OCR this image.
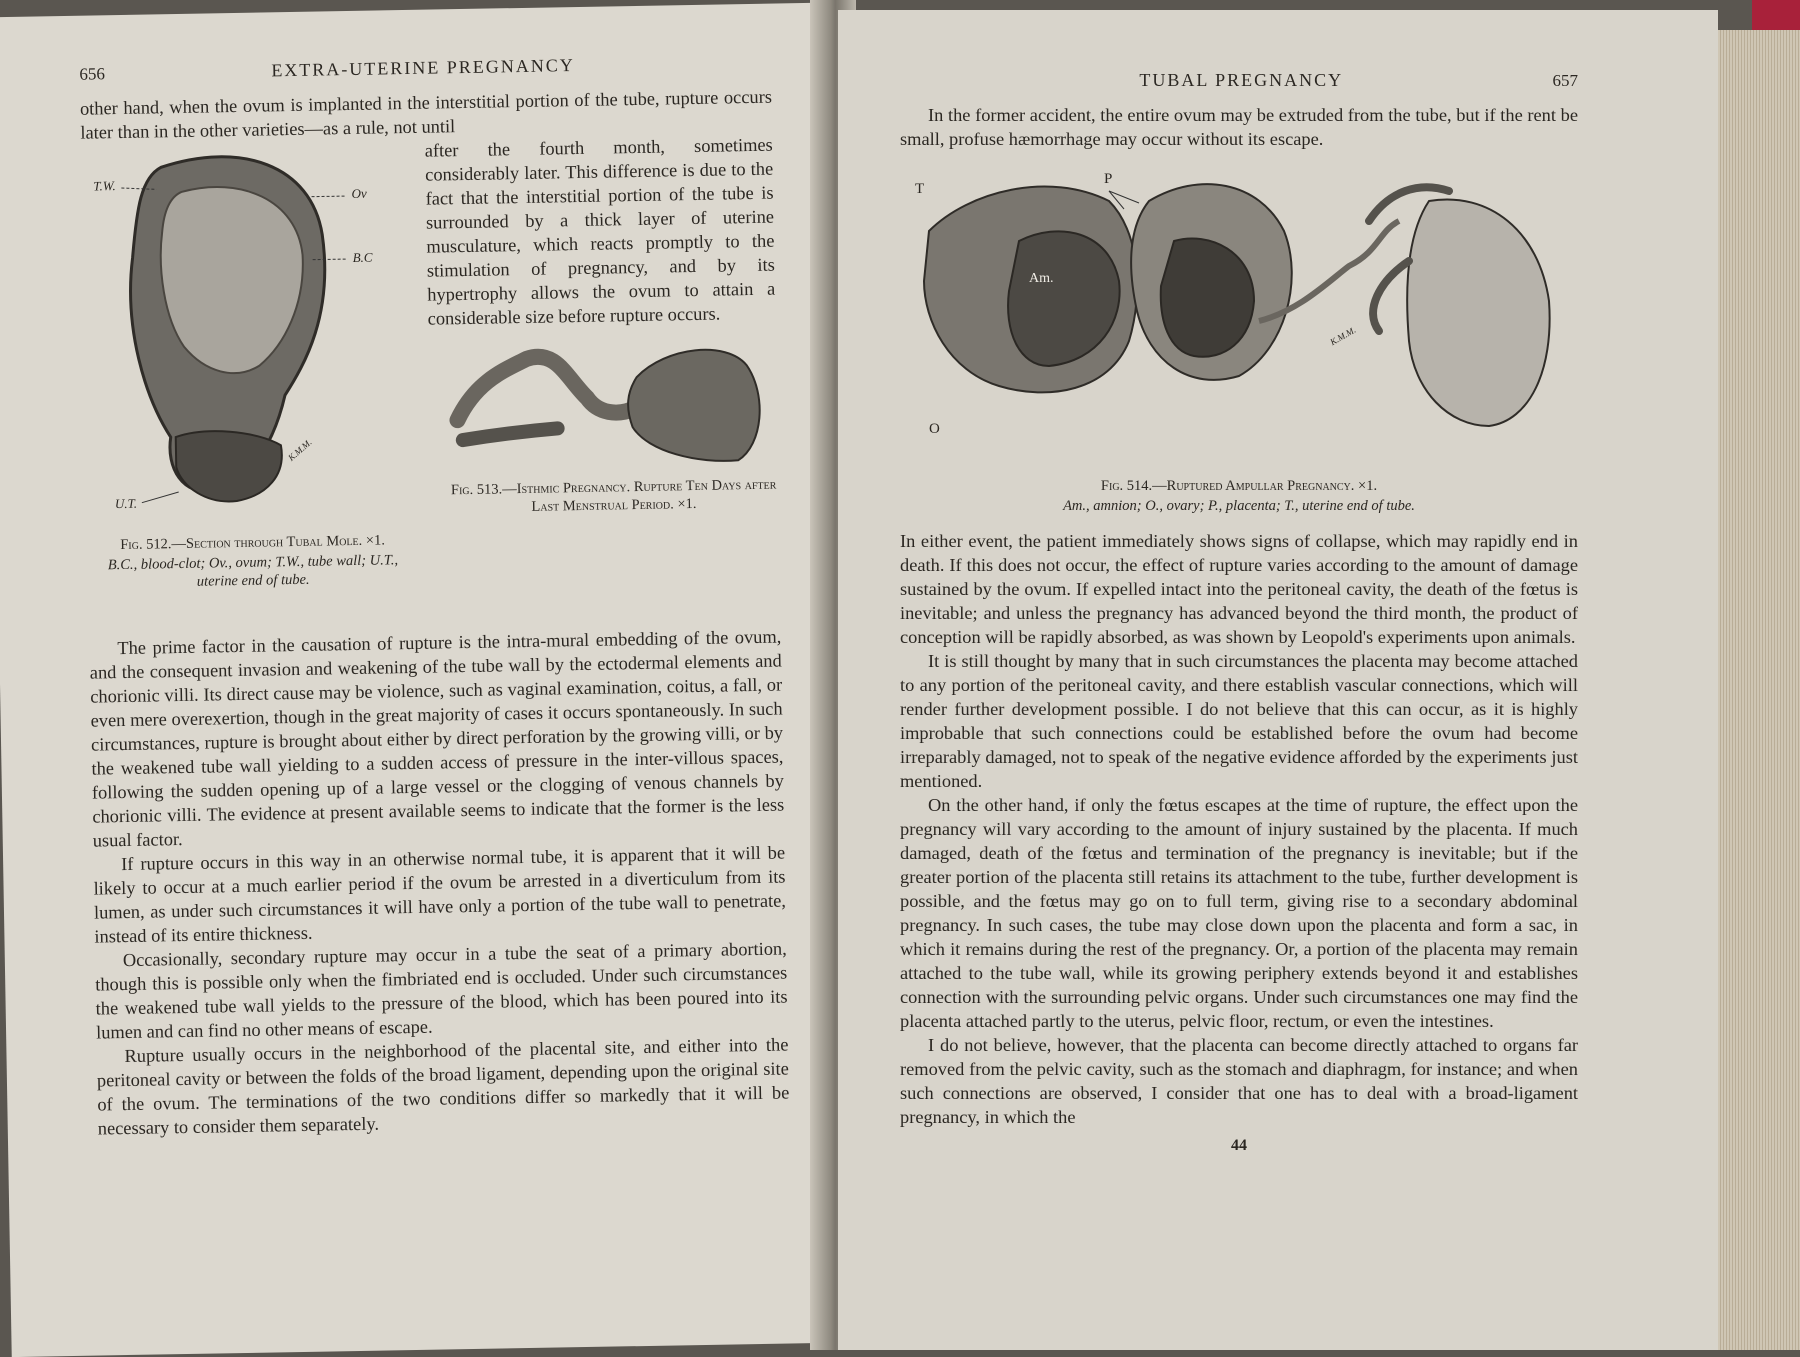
656	EXTRA-UTERINE PREGNANCY

other hand, when the ovum is implanted in the interstitial portion of the tube, rupture occurs later than in the other varieties—as a rule, not until

T.W.	Ov
B.C
U.T.
K.M.M.

Fig. 512.—Section through Tubal Mole. ×1.

B.C., blood-clot; Ov., ovum; T.W., tube wall; U.T., uterine end of tube.

after the fourth month, sometimes considerably later. This difference is due to the fact that the interstitial portion of the tube is surrounded by a thick layer of uterine musculature, which reacts promptly to the stimulation of pregnancy, and by its hypertrophy allows the ovum to attain a considerable size before rupture occurs.

Fig. 513.—Isthmic Pregnancy. Rupture Ten Days after Last Menstrual Period. ×1.

The prime factor in the causation of rupture is the intra-mural embedding of the ovum, and the consequent invasion and weakening of the tube wall by the ectodermal elements and chorionic villi. Its direct cause may be violence, such as vaginal examination, coitus, a fall, or even mere overexertion, though in the great majority of cases it occurs spontaneously. In such circumstances, rupture is brought about either by direct perforation by the growing villi, or by the weakened tube wall yielding to a sudden access of pressure in the inter-villous spaces, following the sudden opening up of a large vessel or the clogging of venous channels by chorionic villi. The evidence at present available seems to indicate that the former is the less usual factor.

If rupture occurs in this way in an otherwise normal tube, it is apparent that it will be likely to occur at a much earlier period if the ovum be arrested in a diverticulum from its lumen, as under such circumstances it will have only a portion of the tube wall to penetrate, instead of its entire thickness.

Occasionally, secondary rupture may occur in a tube the seat of a primary abortion, though this is possible only when the fimbriated end is occluded. Under such circumstances the weakened tube wall yields to the pressure of the blood, which has been poured into its lumen and can find no other means of escape.

Rupture usually occurs in the neighborhood of the placental site, and either into the peritoneal cavity or between the folds of the broad ligament, depending upon the original site of the ovum. The terminations of the two conditions differ so markedly that it will be necessary to consider them separately.

TUBAL PREGNANCY	657

In the former accident, the entire ovum may be extruded from the tube, but if the rent be small, profuse hæmorrhage may occur without its escape.

T
P
Am.
O
K.M.M.

Fig. 514.—Ruptured Ampullar Pregnancy. ×1.

Am., amnion; O., ovary; P., placenta; T., uterine end of tube.

In either event, the patient immediately shows signs of collapse, which may rapidly end in death. If this does not occur, the effect of rupture varies according to the amount of damage sustained by the ovum. If expelled intact into the peritoneal cavity, the death of the fœtus is inevitable; and unless the pregnancy has advanced beyond the third month, the product of conception will be rapidly absorbed, as was shown by Leopold's experiments upon animals.

It is still thought by many that in such circumstances the placenta may become attached to any portion of the peritoneal cavity, and there establish vascular connections, which will render further development possible. I do not believe that this can occur, as it is highly improbable that such connections could be established before the ovum had become irreparably damaged, not to speak of the negative evidence afforded by the experiments just mentioned.

On the other hand, if only the fœtus escapes at the time of rupture, the effect upon the pregnancy will vary according to the amount of injury sustained by the placenta. If much damaged, death of the fœtus and termination of the pregnancy is inevitable; but if the greater portion of the placenta still retains its attachment to the tube, further development is possible, and the fœtus may go on to full term, giving rise to a secondary abdominal pregnancy. In such cases, the tube may close down upon the placenta and form a sac, in which it remains during the rest of the pregnancy. Or, a portion of the placenta may remain attached to the tube wall, while its growing periphery extends beyond it and establishes connection with the surrounding pelvic organs. Under such circumstances one may find the placenta attached partly to the uterus, pelvic floor, rectum, or even the intestines.

I do not believe, however, that the placenta can become directly attached to organs far removed from the pelvic cavity, such as the stomach and diaphragm, for instance; and when such connections are observed, I consider that one has to deal with a broad-ligament pregnancy, in which the

44
